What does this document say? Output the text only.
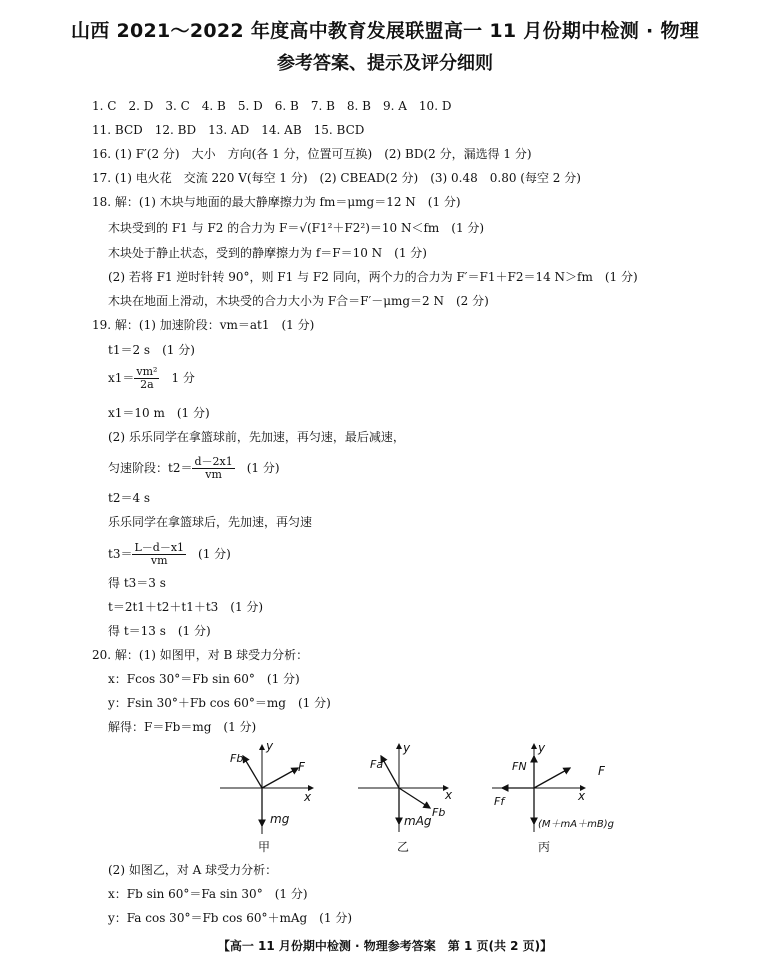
山西 2021～2022 年度高中教育发展联盟高一 11 月份期中检测 · 物理
参考答案、提示及评分细则
1. C　2. D　3. C　4. B　5. D　6. B　7. B　8. B　9. A　10. D
11. BCD　12. BD　13. AD　14. AB　15. BCD
16. (1) F′(2 分)　大小　方向(各 1 分，位置可互换)　(2) BD(2 分，漏选得 1 分)
17. (1) 电火花　交流 220 V(每空 1 分)　(2) CBEAD(2 分)　(3) 0.48　0.80 (每空 2 分)
18. 解：(1) 木块与地面的最大静摩擦力为 fm＝μmg＝12 N　(1 分)
木块受到的 F1 与 F2 的合力为 F＝√(F1²＋F2²)＝10 N＜fm　(1 分)
木块处于静止状态，受到的静摩擦力为 f＝F＝10 N　(1 分)
(2) 若将 F1 逆时针转 90°，则 F1 与 F2 同向，两个力的合力为 F′＝F1＋F2＝14 N＞fm　(1 分)
木块在地面上滑动，木块受的合力大小为 F合＝F′－μmg＝2 N　(2 分)
19. 解：(1) 加速阶段：vm＝at1　(1 分)
t1＝2 s　(1 分)
$x1= \frac{\text{vm²}}{2a}$ 　1 分
x1＝10 m　(1 分)
(2) 乐乐同学在拿篮球前，先加速，再匀速，最后减速，
匀速阶段：$t2= \frac{d-2x1}{vm}$ 　(1 分)
t2＝4 s
乐乐同学在拿篮球后，先加速，再匀速
$t3= \frac{L-d-x1}{vm}$ 　(1 分)
得 t3＝3 s
t＝2t1＋t2＋t1＋t3　(1 分)
得 t＝13 s　(1 分)
20. 解：(1) 如图甲，对 B 球受力分析：
x：Fcos 30°＝Fb sin 60°　(1 分)
y：Fsin 30°＋Fb cos 60°＝mg　(1 分)
解得：F＝Fb＝mg　(1 分)
y
x
Fb
F
mg
甲
y
x
Fa
Fb
mAg
乙
y
x
FN	F
Ff
(M＋mA＋mB)g
丙
(2) 如图乙，对 A 球受力分析：
x：Fb sin 60°＝Fa sin 30°　(1 分)
y：Fa cos 30°＝Fb cos 60°＋mAg　(1 分)
【高一 11 月份期中检测 · 物理参考答案　第 1 页(共 2 页)】
